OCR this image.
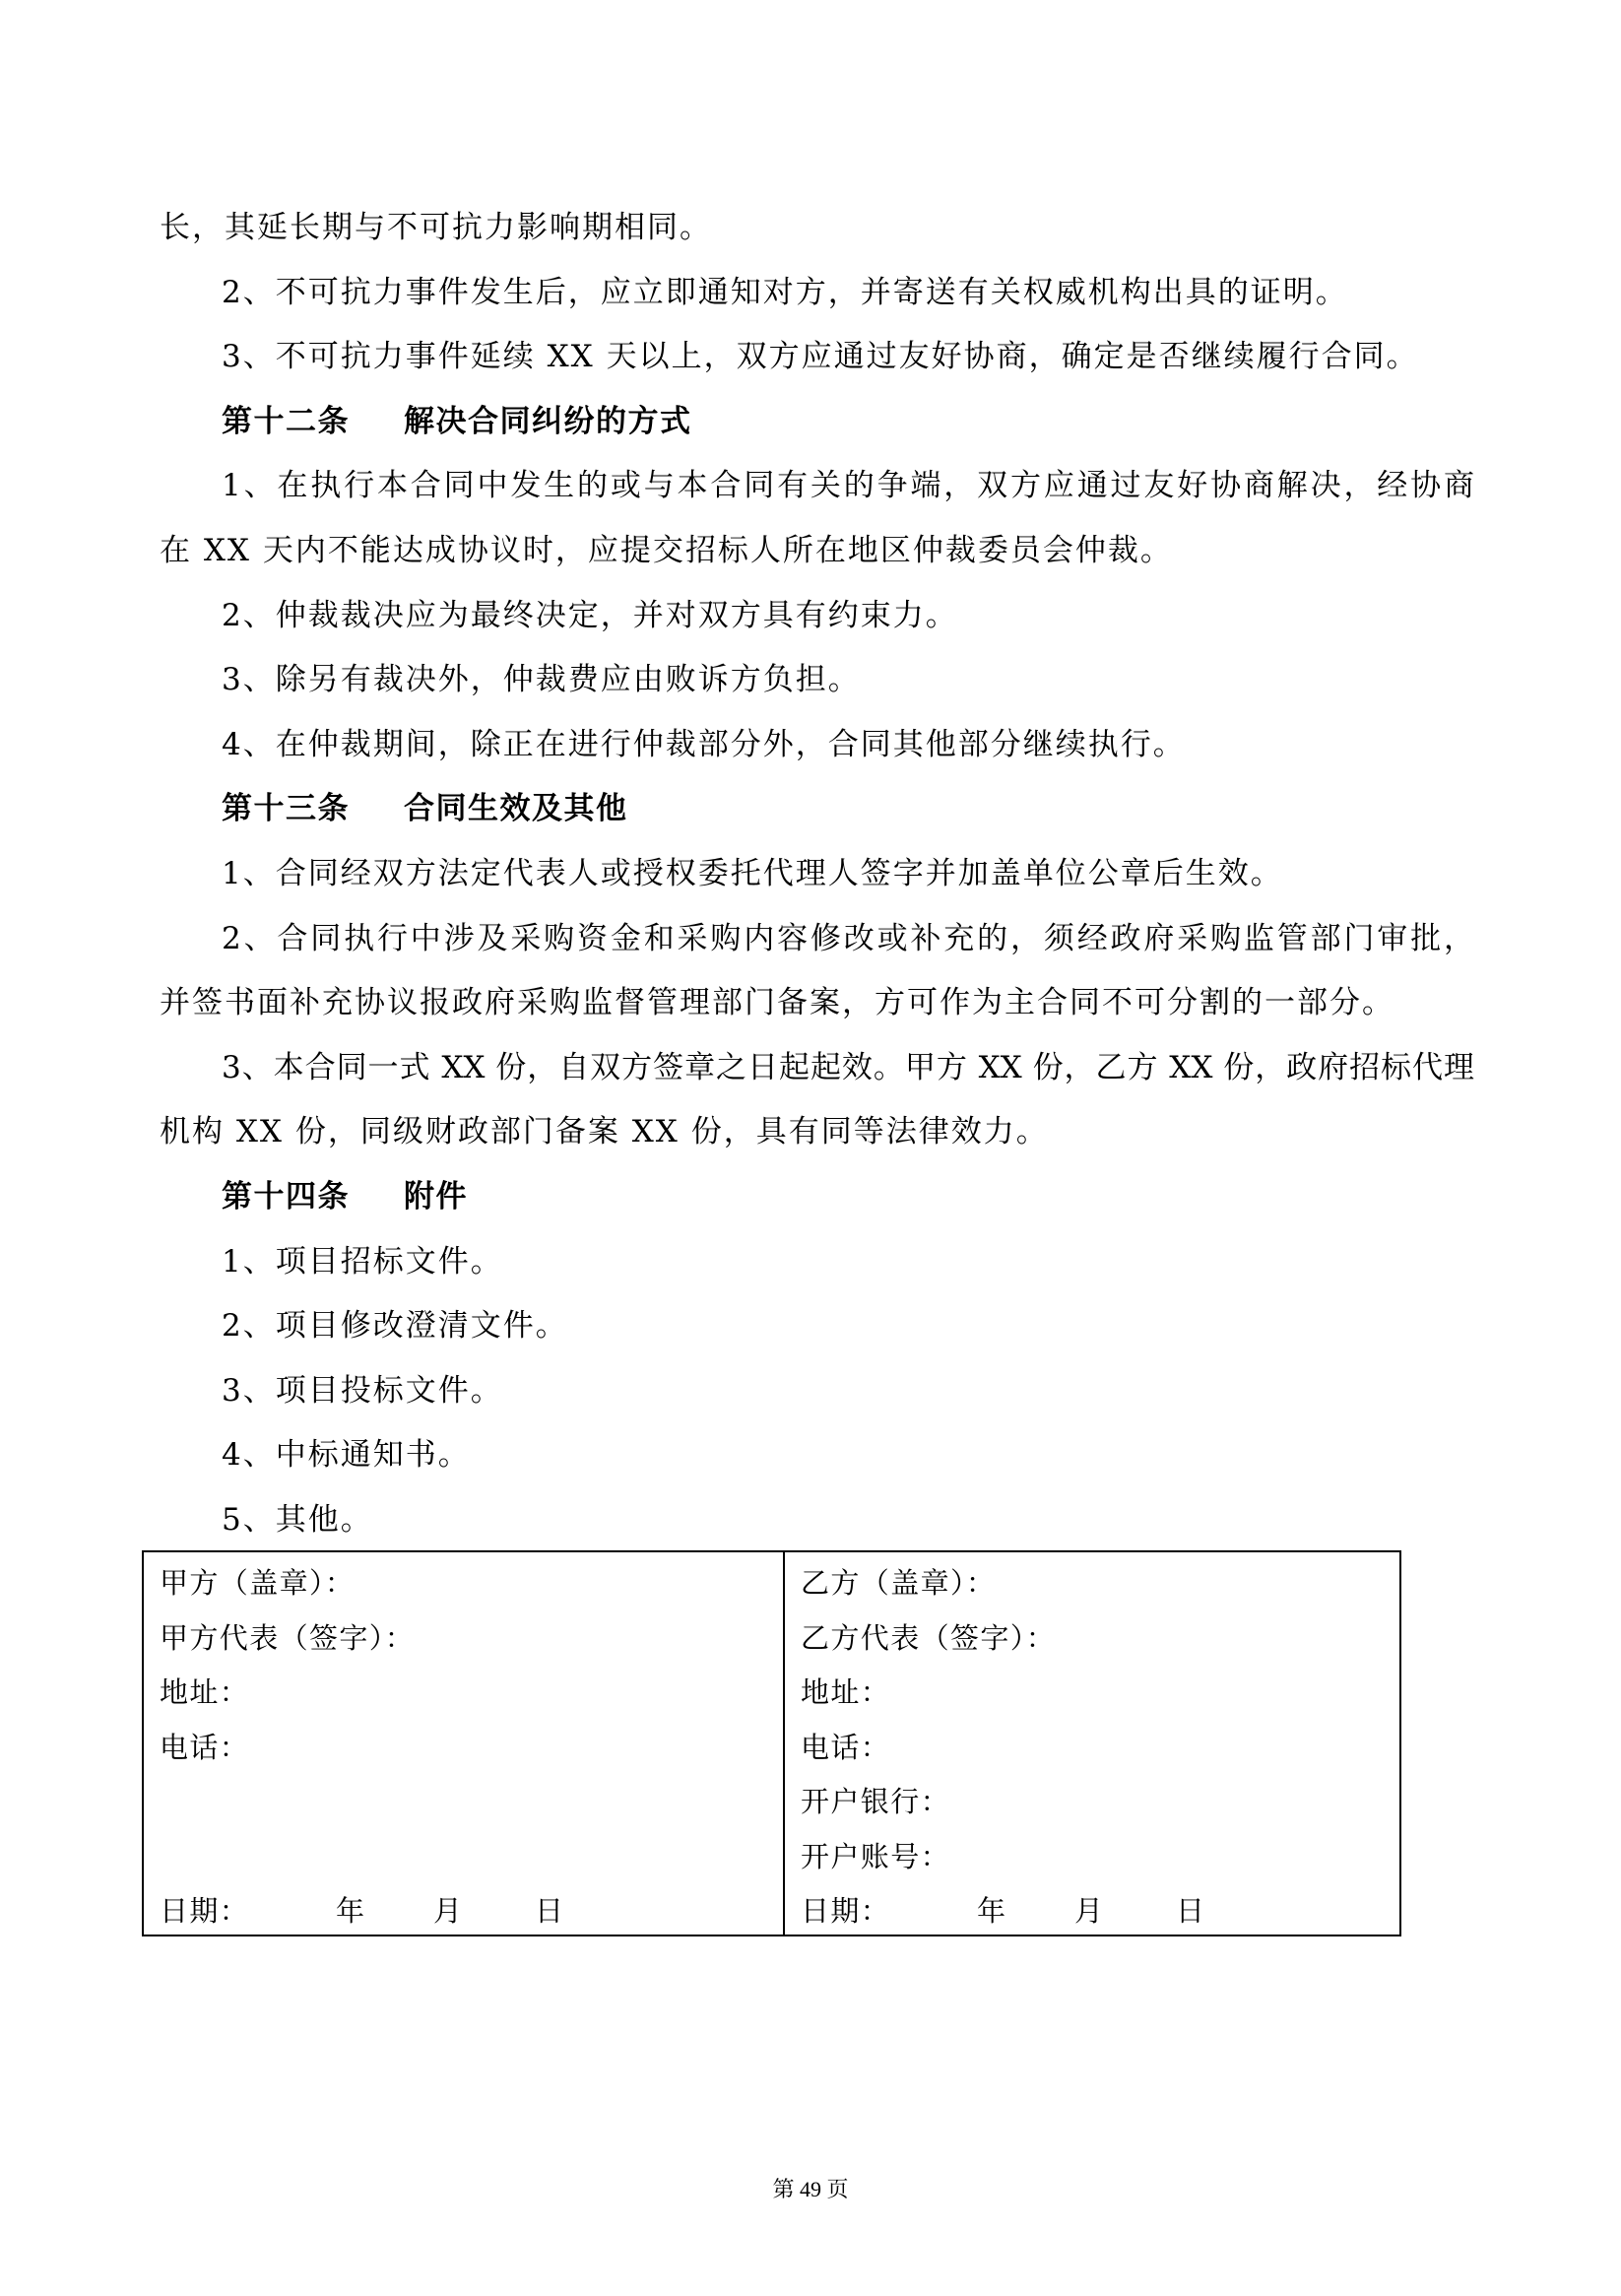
长，其延长期与不可抗力影响期相同。
2、不可抗力事件发生后，应立即通知对方，并寄送有关权威机构出具的证明。
3、不可抗力事件延续 XX 天以上，双方应通过友好协商，确定是否继续履行合同。
第十二条 解决合同纠纷的方式
1、在执行本合同中发生的或与本合同有关的争端，双方应通过友好协商解决，经协商
在 XX 天内不能达成协议时，应提交招标人所在地区仲裁委员会仲裁。
2、仲裁裁决应为最终决定，并对双方具有约束力。
3、除另有裁决外，仲裁费应由败诉方负担。
4、在仲裁期间，除正在进行仲裁部分外，合同其他部分继续执行。
第十三条 合同生效及其他
1、合同经双方法定代表人或授权委托代理人签字并加盖单位公章后生效。
2、合同执行中涉及采购资金和采购内容修改或补充的，须经政府采购监管部门审批，
并签书面补充协议报政府采购监督管理部门备案，方可作为主合同不可分割的一部分。
3、本合同一式 XX 份，自双方签章之日起起效。甲方 XX 份，乙方 XX 份，政府招标代理
机构 XX 份，同级财政部门备案 XX 份，具有同等法律效力。
第十四条 附件
1、项目招标文件。
2、项目修改澄清文件。
3、项目投标文件。
4、中标通知书。
5、其他。
甲方（盖章）：
甲方代表（签字）：
地址：
电话：
日期：	年 月	日
乙方（盖章）：
乙方代表（签字）：
地址：
电话：
开户银行：
开户账号：
日期：	年 月	日
第 49 页
